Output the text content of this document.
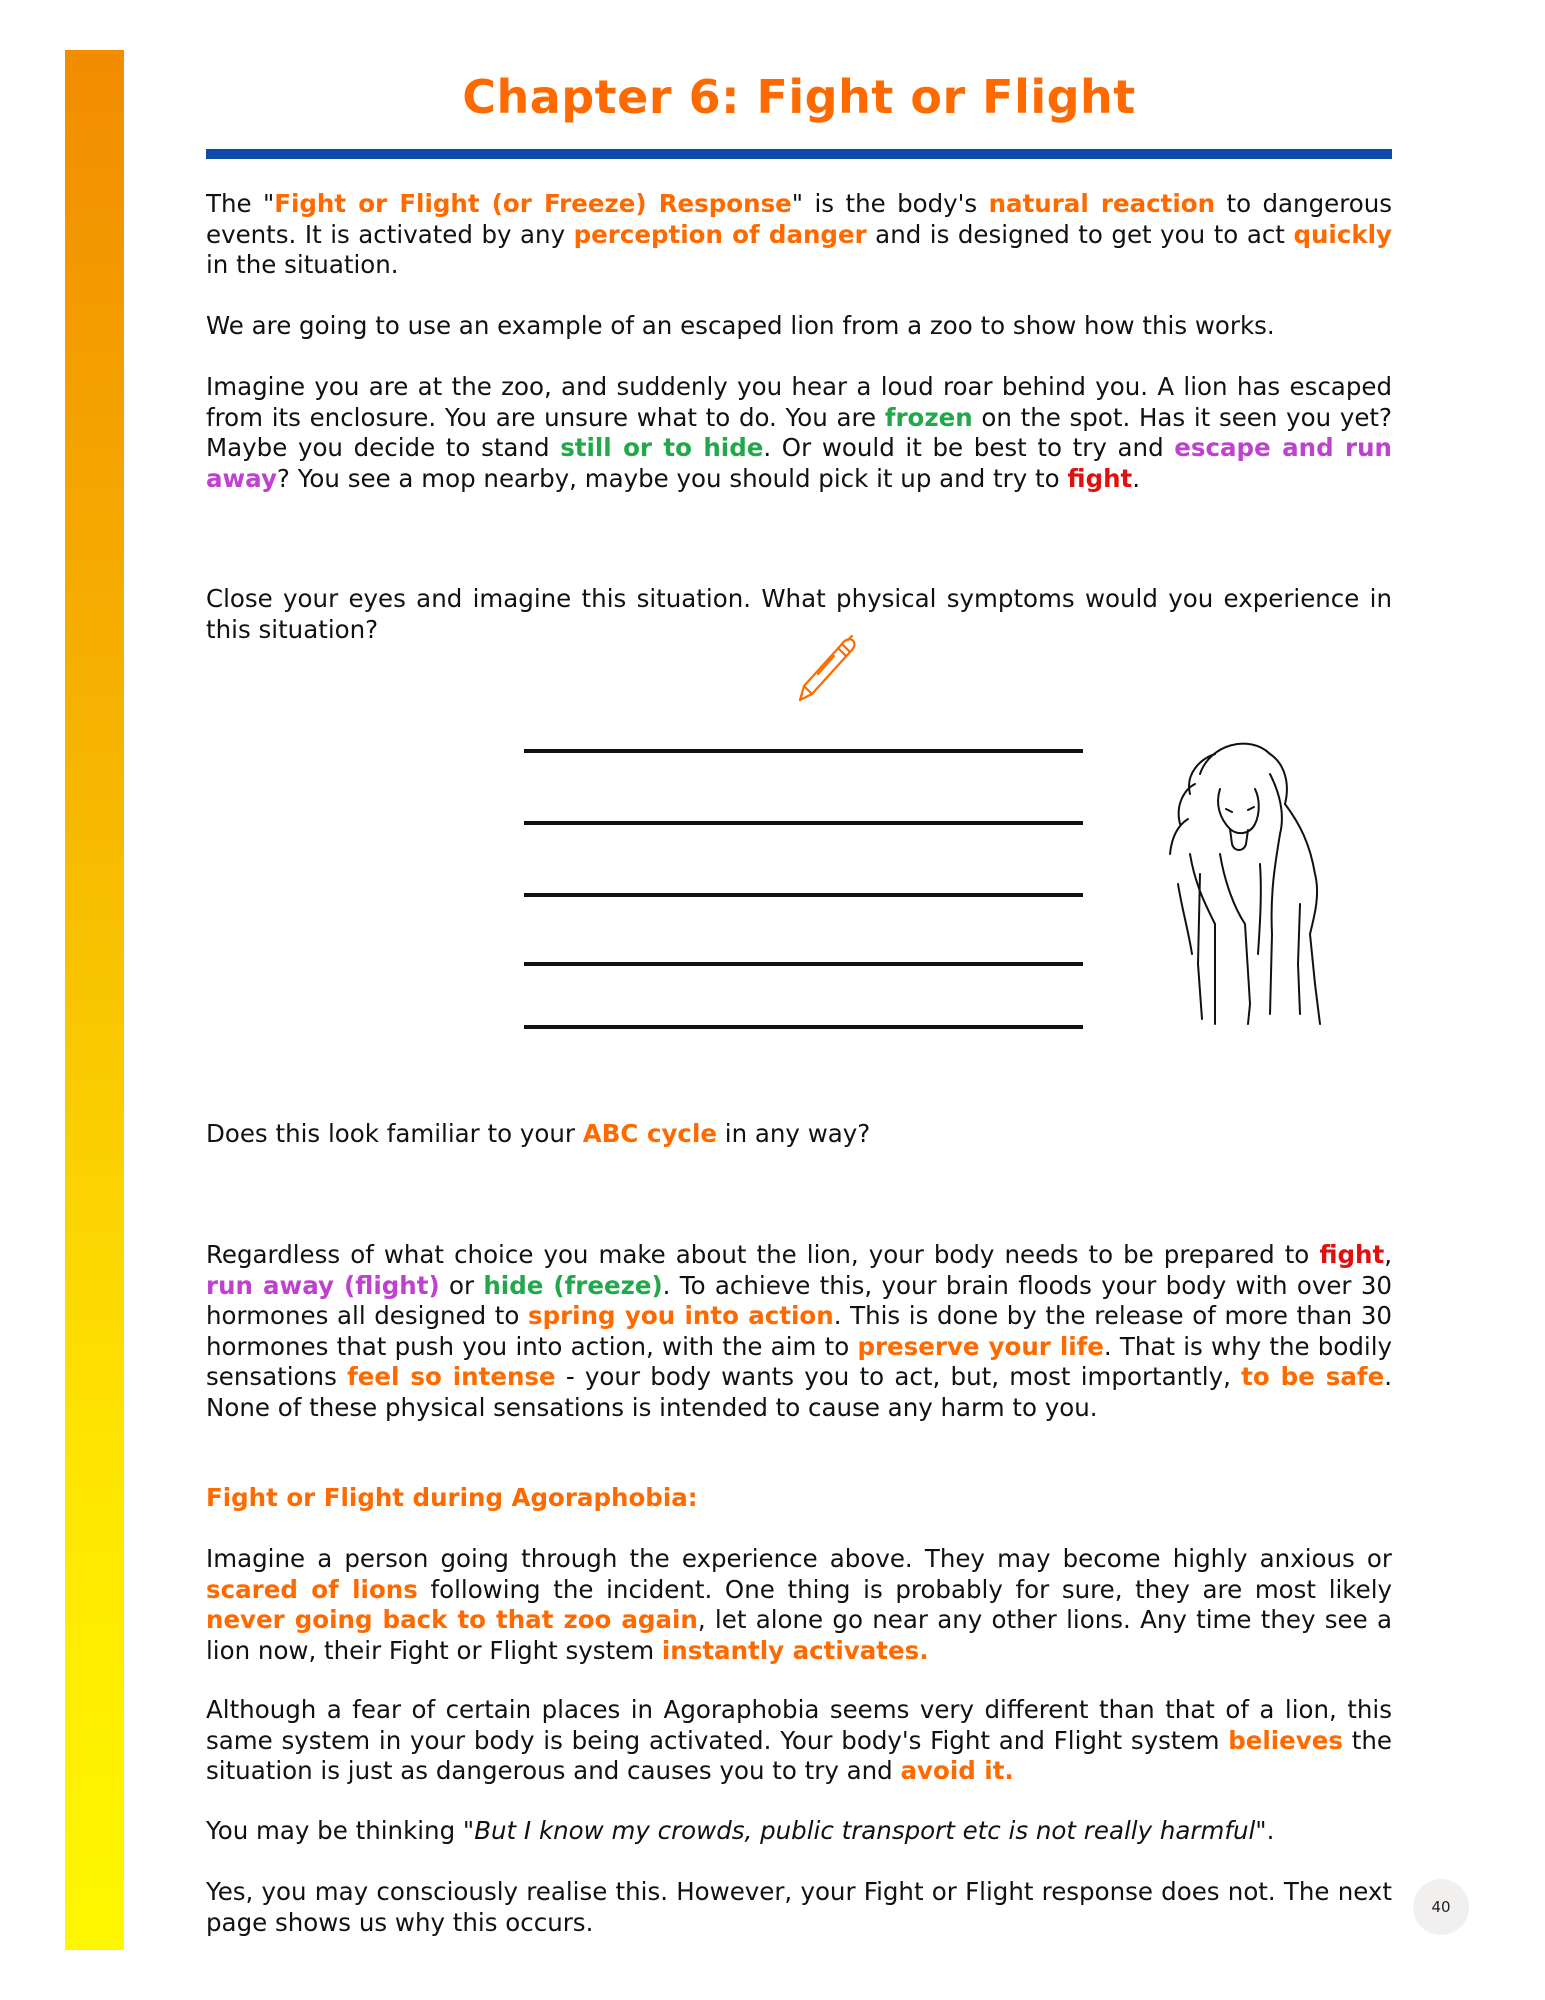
Chapter 6: Fight or Flight

The "Fight or Flight (or Freeze) Response" is the body's natural reaction to dangerous events. It is activated by any perception of danger and is designed to get you to act quickly in the situation.

We are going to use an example of an escaped lion from a zoo to show how this works.

Imagine you are at the zoo, and suddenly you hear a loud roar behind you. A lion has escaped from its enclosure. You are unsure what to do. You are frozen on the spot. Has it seen you yet? Maybe you decide to stand still or to hide. Or would it be best to try and escape and run away? You see a mop nearby, maybe you should pick it up and try to fight.

Close your eyes and imagine this situation. What physical symptoms would you experience in this situation?

Does this look familiar to your ABC cycle in any way?

Regardless of what choice you make about the lion, your body needs to be prepared to fight, run away (flight) or hide (freeze). To achieve this, your brain floods your body with over 30 hormones all designed to spring you into action. This is done by the release of more than 30 hormones that push you into action, with the aim to preserve your life. That is why the bodily sensations feel so intense - your body wants you to act, but, most importantly, to be safe. None of these physical sensations is intended to cause any harm to you.

Fight or Flight during Agoraphobia:

Imagine a person going through the experience above. They may become highly anxious or scared of lions following the incident. One thing is probably for sure, they are most likely never going back to that zoo again, let alone go near any other lions. Any time they see a lion now, their Fight or Flight system instantly activates.

Although a fear of certain places in Agoraphobia seems very different than that of a lion, this same system in your body is being activated. Your body's Fight and Flight system believes the situation is just as dangerous and causes you to try and avoid it.

You may be thinking "But I know my crowds, public transport etc is not really harmful".

Yes, you may consciously realise this. However, your Fight or Flight response does not. The next page shows us why this occurs.

40
